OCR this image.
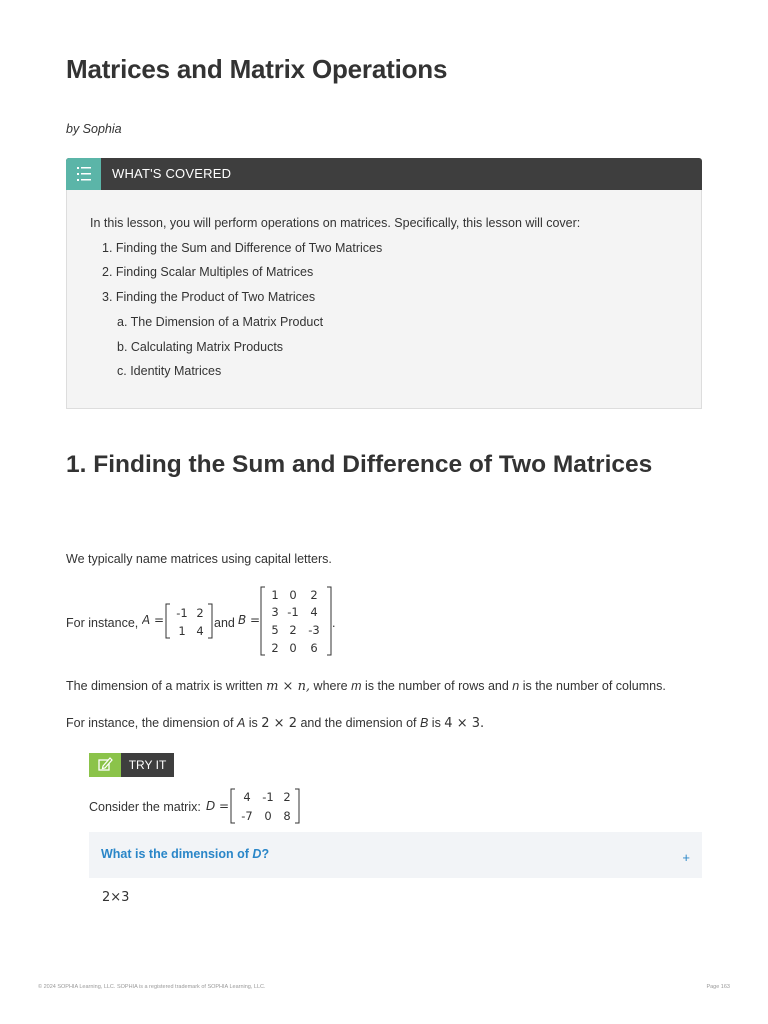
Matrices and Matrix Operations
by Sophia
WHAT'S COVERED
In this lesson, you will perform operations on matrices. Specifically, this lesson will cover:
1. Finding the Sum and Difference of Two Matrices
2. Finding Scalar Multiples of Matrices
3. Finding the Product of Two Matrices
a. The Dimension of a Matrix Product
b. Calculating Matrix Products
c. Identity Matrices
1. Finding the Sum and Difference of Two Matrices
We typically name matrices using capital letters.
For instance, A = -1 2
1 4
and B =
1 0 2
3 -1 4
5 2 -3
2 0 6
.
The dimension of a matrix is written m × n, where m is the number of rows and n is the number of columns.
For instance, the dimension of A is 2 × 2 and the dimension of B is 4 × 3.
TRY IT
Consider the matrix: D =
4 -1 2
-7 0 8
What is the dimension of D?	+
2×3
© 2024 SOPHIA Learning, LLC. SOPHIA is a registered trademark of SOPHIA Learning, LLC.	Page 163
